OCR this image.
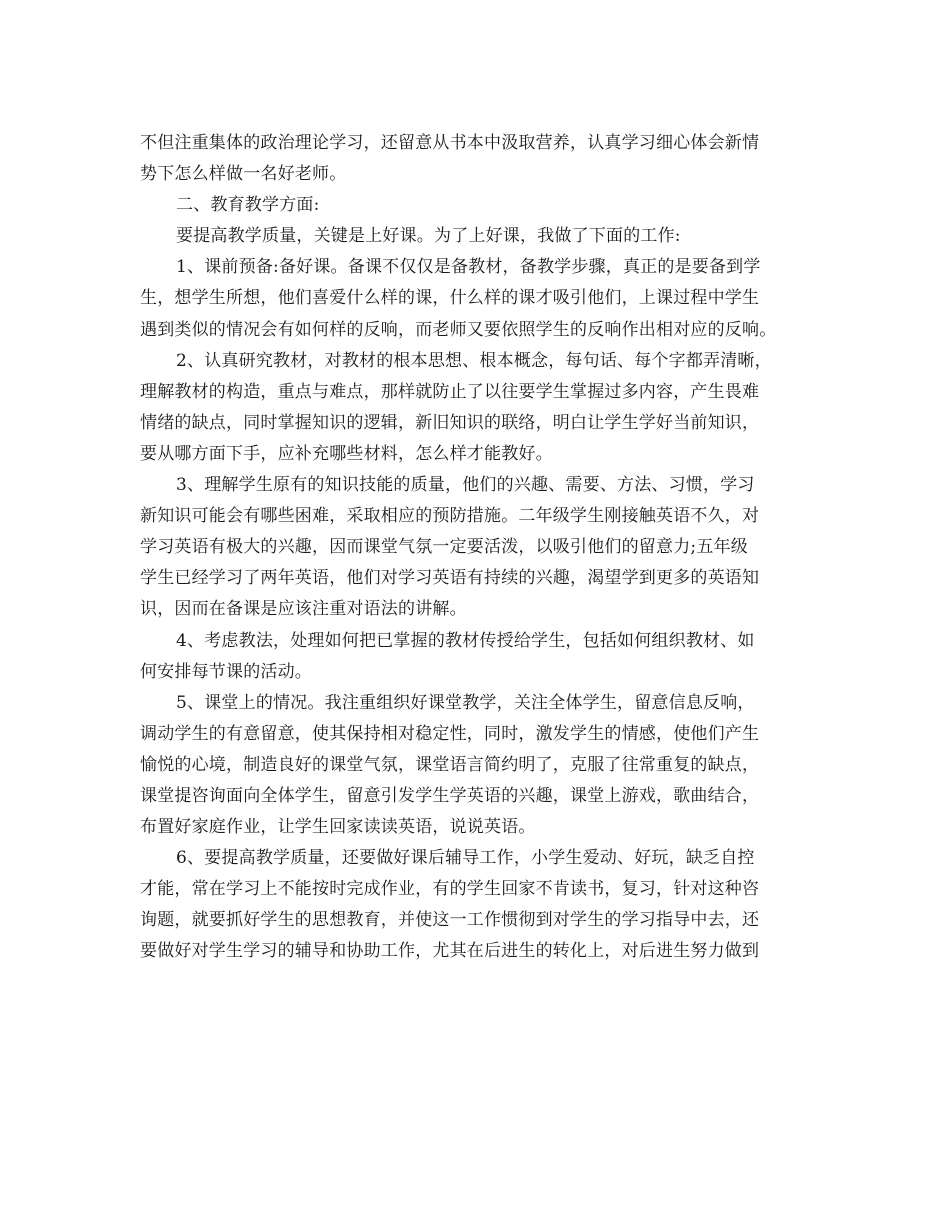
不但注重集体的政治理论学习，还留意从书本中汲取营养，认真学习细心体会新情
势下怎么样做一名好老师。
二、教育教学方面:
要提高教学质量，关键是上好课。为了上好课，我做了下面的工作:
1、课前预备:备好课。备课不仅仅是备教材，备教学步骤，真正的是要备到学
生，想学生所想，他们喜爱什么样的课，什么样的课才吸引他们，上课过程中学生
遇到类似的情况会有如何样的反响，而老师又要依照学生的反响作出相对应的反响。
2、认真研究教材，对教材的根本思想、根本概念，每句话、每个字都弄清晰，
理解教材的构造，重点与难点，那样就防止了以往要学生掌握过多内容，产生畏难
情绪的缺点，同时掌握知识的逻辑，新旧知识的联络，明白让学生学好当前知识，
要从哪方面下手，应补充哪些材料，怎么样才能教好。
3、理解学生原有的知识技能的质量，他们的兴趣、需要、方法、习惯，学习
新知识可能会有哪些困难，采取相应的预防措施。二年级学生刚接触英语不久，对
学习英语有极大的兴趣，因而课堂气氛一定要活泼，以吸引他们的留意力;五年级
学生已经学习了两年英语，他们对学习英语有持续的兴趣，渴望学到更多的英语知
识，因而在备课是应该注重对语法的讲解。
4、考虑教法，处理如何把已掌握的教材传授给学生，包括如何组织教材、如
何安排每节课的活动。
5、课堂上的情况。我注重组织好课堂教学，关注全体学生，留意信息反响，
调动学生的有意留意，使其保持相对稳定性，同时，激发学生的情感，使他们产生
愉悦的心境，制造良好的课堂气氛，课堂语言简约明了，克服了往常重复的缺点，
课堂提咨询面向全体学生，留意引发学生学英语的兴趣，课堂上游戏，歌曲结合，
布置好家庭作业，让学生回家读读英语，说说英语。
6、要提高教学质量，还要做好课后辅导工作，小学生爱动、好玩，缺乏自控
才能，常在学习上不能按时完成作业，有的学生回家不肯读书，复习，针对这种咨
询题，就要抓好学生的思想教育，并使这一工作惯彻到对学生的学习指导中去，还
要做好对学生学习的辅导和协助工作，尤其在后进生的转化上，对后进生努力做到
